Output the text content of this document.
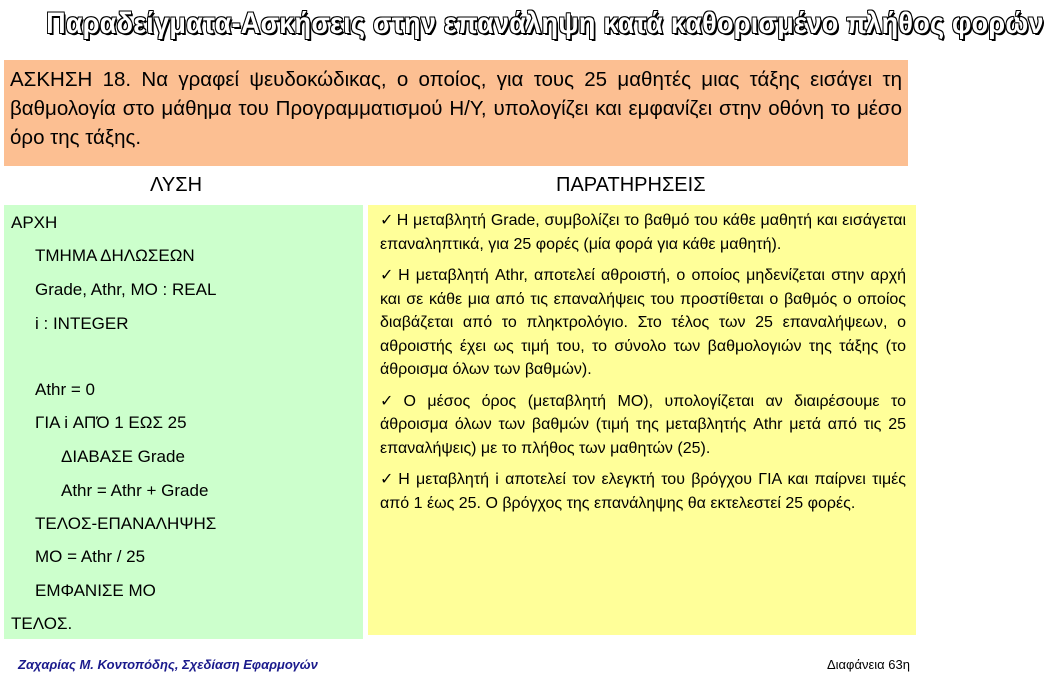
Παραδείγματα-Ασκήσεις στην επανάληψη κατά καθορισμένο πλήθος φορών
ΑΣΚΗΣΗ 18. Να γραφεί ψευδοκώδικας, ο οποίος, για τους 25 μαθητές μιας τάξης εισάγει τη βαθμολογία στο μάθημα του Προγραμματισμού Η/Υ, υπολογίζει και εμφανίζει στην οθόνη το μέσο όρο της τάξης.
ΛΥΣΗ	ΠΑΡΑΤΗΡΗΣΕΙΣ
ΑΡΧΗ
ΤΜΗΜΑ ΔΗΛΩΣΕΩΝ
Grade, Athr, MO : REAL
i : INTEGER
Athr = 0
ΓΙΑ i ΑΠΌ 1 ΕΩΣ 25
ΔΙΑΒΑΣΕ Grade
Athr = Athr + Grade
ΤΕΛΟΣ-ΕΠΑΝΑΛΗΨΗΣ
MO = Athr / 25
ΕΜΦΑΝΙΣΕ MO
ΤΕΛΟΣ.
✓ Η μεταβλητή Grade, συμβολίζει το βαθμό του κάθε μαθητή και εισάγεται επαναληπτικά, για 25 φορές (μία φορά για κάθε μαθητή).
✓ Η μεταβλητή Athr, αποτελεί αθροιστή, ο οποίος μηδενίζεται στην αρχή και σε κάθε μια από τις επαναλήψεις του προστίθεται ο βαθμός ο οποίος διαβάζεται από το πληκτρολόγιο. Στο τέλος των 25 επαναλήψεων, ο αθροιστής έχει ως τιμή του, το σύνολο των βαθμολογιών της τάξης (το άθροισμα όλων των βαθμών).
✓ Ο μέσος όρος (μεταβλητή MO), υπολογίζεται αν διαιρέσουμε το άθροισμα όλων των βαθμών (τιμή της μεταβλητής Athr μετά από τις 25 επαναλήψεις) με το πλήθος των μαθητών (25).
✓ Η μεταβλητή i αποτελεί τον ελεγκτή του βρόγχου ΓΙΑ και παίρνει τιμές από 1 έως 25. Ο βρόγχος της επανάληψης θα εκτελεστεί 25 φορές.
Ζαχαρίας Μ. Κοντοπόδης, Σχεδίαση Εφαρμογών	Διαφάνεια 63η
